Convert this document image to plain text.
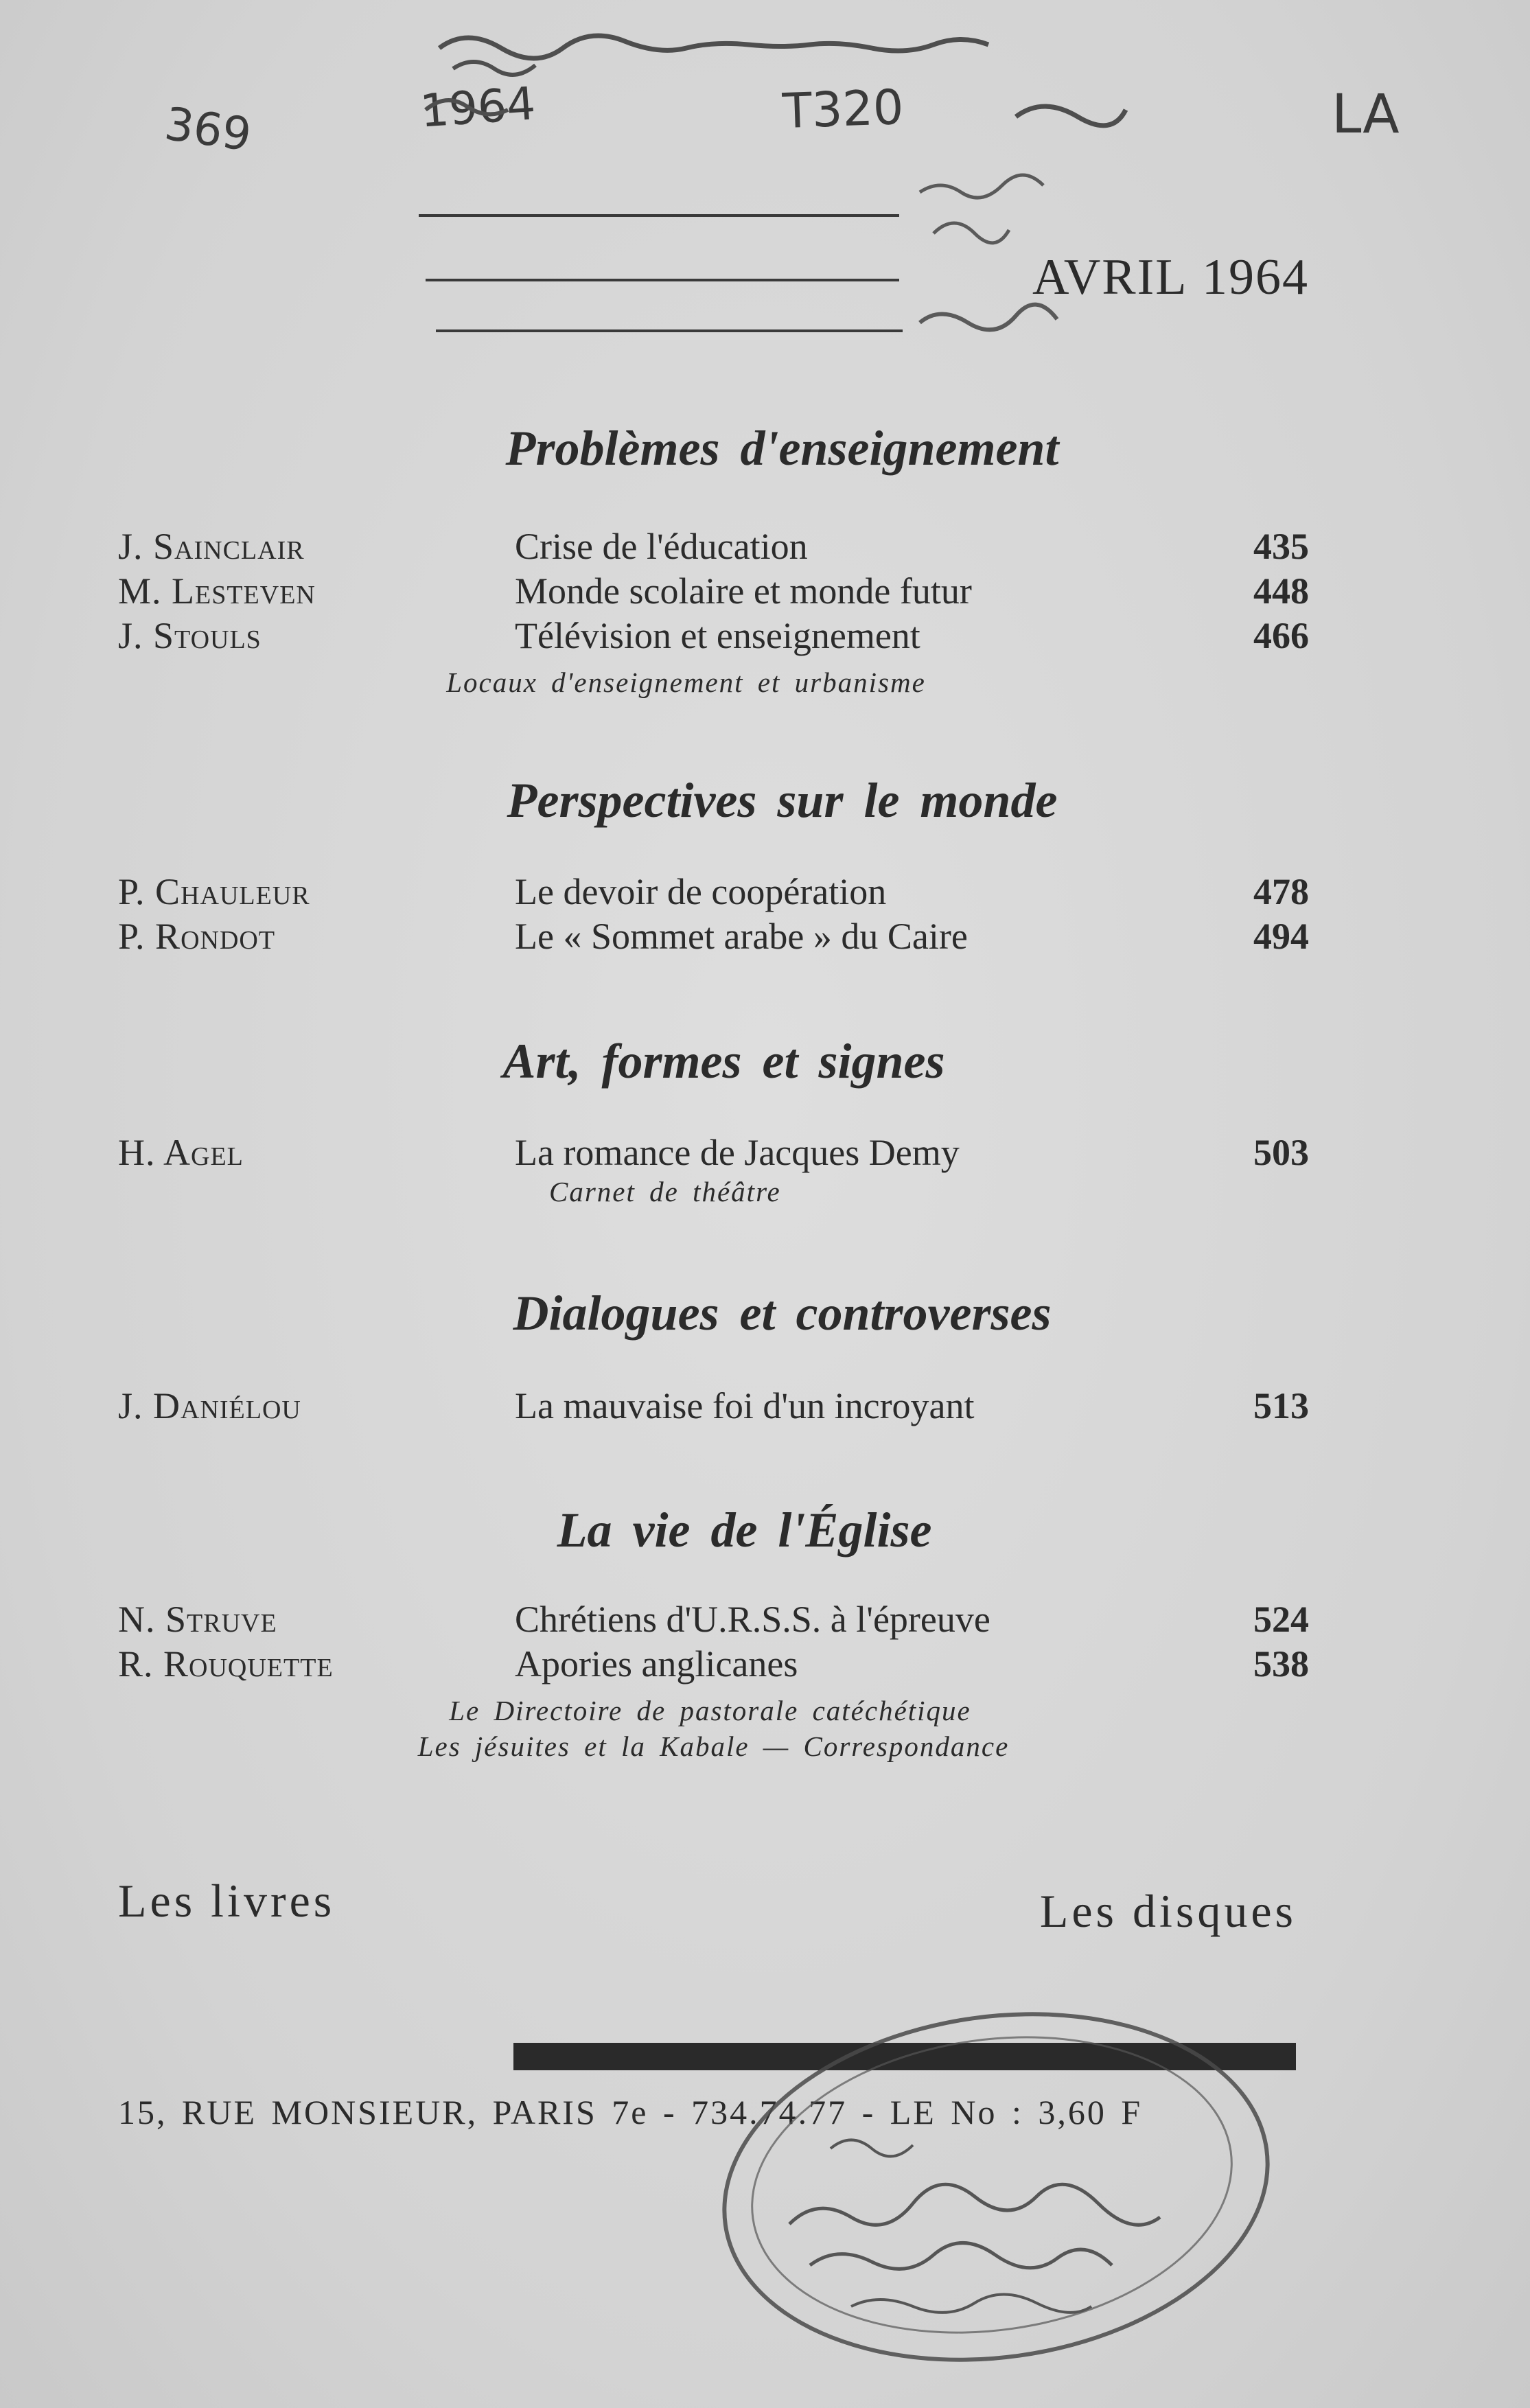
369	1964	T320	LA
AVRIL 1964
Problèmes d'enseignement
J. Sainclair	Crise de l'éducation	435
M. Lesteven	Monde scolaire et monde futur	448
J. Stouls	Télévision et enseignement	466
Locaux d'enseignement et urbanisme
Perspectives sur le monde
P. Chauleur	Le devoir de coopération	478
P. Rondot	Le « Sommet arabe » du Caire	494
Art, formes et signes
H. Agel	La romance de Jacques Demy	503
Carnet de théâtre
Dialogues et controverses
J. Daniélou	La mauvaise foi d'un incroyant	513
La vie de l'Église
N. Struve	Chrétiens d'U.R.S.S. à l'épreuve	524
R. Rouquette	Apories anglicanes	538
Le Directoire de pastorale catéchétique
Les jésuites et la Kabale — Correspondance
Les livres	Les disques
15, RUE MONSIEUR, PARIS 7e - 734.74.77 - LE No : 3,60 F
